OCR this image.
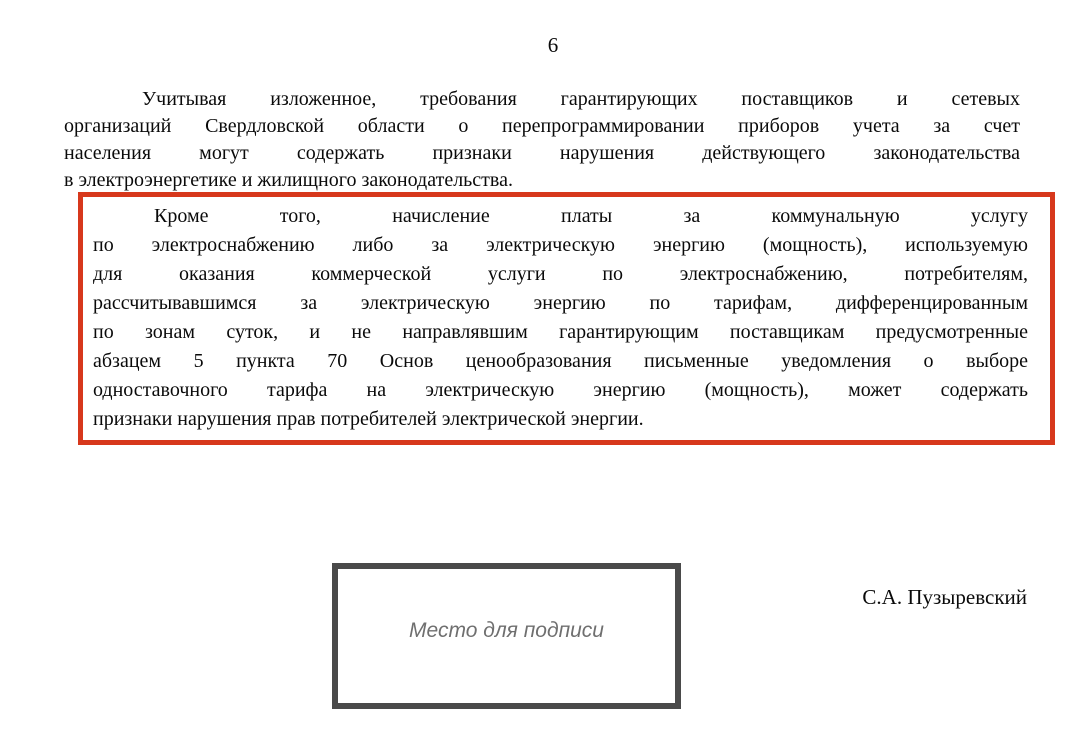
6
Учитывая изложенное, требования гарантирующих поставщиков и сетевых
организаций Свердловской области о перепрограммировании приборов учета за счет
населения могут содержать признаки нарушения действующего законодательства
в электроэнергетике и жилищного законодательства.
Кроме того, начисление платы за коммунальную услугу
по электроснабжению либо за электрическую энергию (мощность), используемую
для оказания коммерческой услуги по электроснабжению, потребителям,
рассчитывавшимся за электрическую энергию по тарифам, дифференцированным
по зонам суток, и не направлявшим гарантирующим поставщикам предусмотренные
абзацем 5 пункта 70 Основ ценообразования письменные уведомления о выборе
одноставочного тарифа на электрическую энергию (мощность), может содержать
признаки нарушения прав потребителей электрической энергии.
Место для подписи
С.А. Пузыревский
